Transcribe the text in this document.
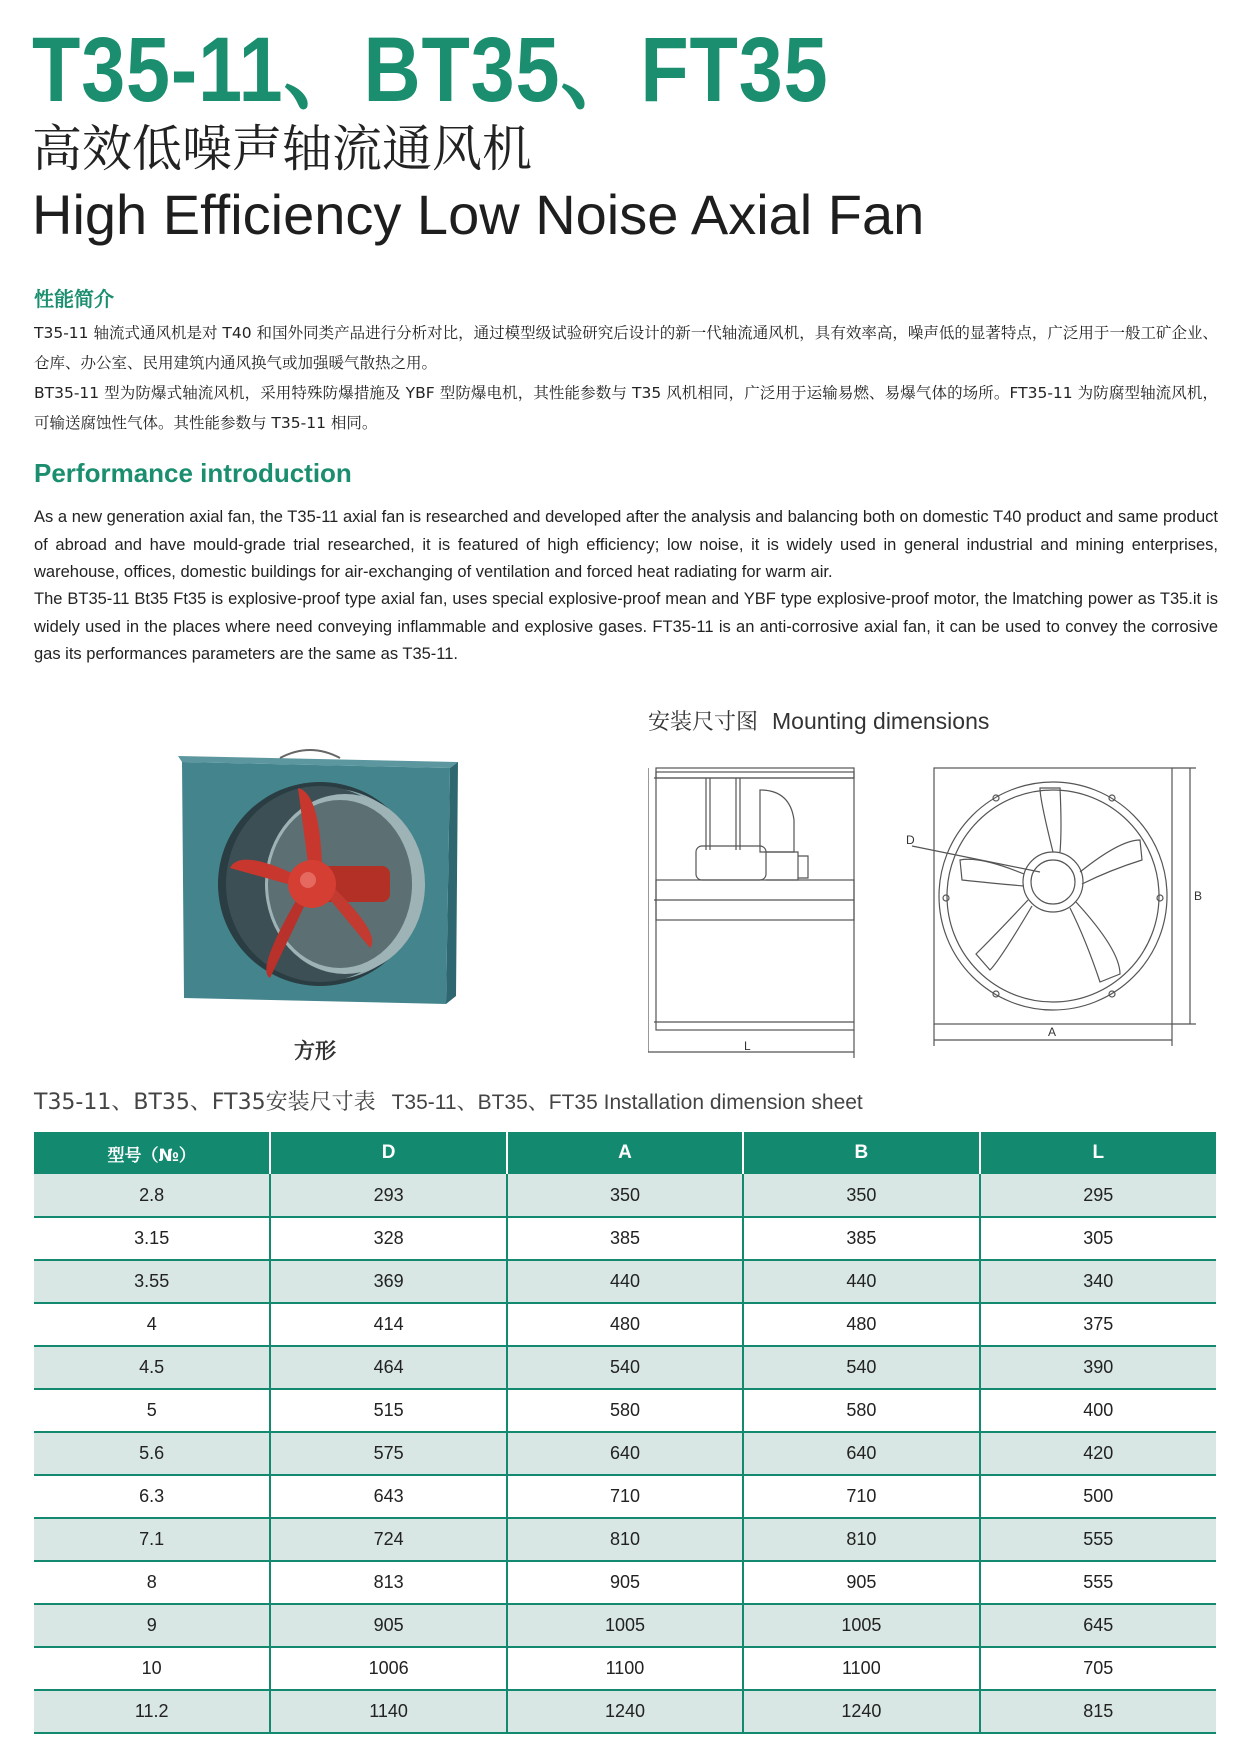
T35-11、BT35、FT35
高效低噪声轴流通风机
High Efficiency Low Noise Axial Fan
性能简介
T35-11 轴流式通风机是对 T40 和国外同类产品进行分析对比，通过模型级试验研究后设计的新一代轴流通风机，具有效率高，噪声低的显著特点，广泛用于一般工矿企业、仓库、办公室、民用建筑内通风换气或加强暖气散热之用。
BT35-11 型为防爆式轴流风机，采用特殊防爆措施及 YBF 型防爆电机，其性能参数与 T35 风机相同，广泛用于运输易燃、易爆气体的场所。FT35-11 为防腐型轴流风机，可输送腐蚀性气体。其性能参数与 T35-11 相同。
Performance introduction
As a new generation axial fan, the T35-11 axial fan is researched and developed after the analysis and balancing both on domestic T40 product and same product of abroad and have mould-grade trial researched, it is featured of high efficiency; low noise, it is widely used in general industrial and mining enterprises, warehouse, offices, domestic buildings for air-exchanging of ventilation and forced heat radiating for warm air.
The BT35-11 Bt35 Ft35 is explosive-proof type axial fan, uses special explosive-proof mean and YBF type explosive-proof motor, the lmatching power as T35.it is widely used in the places where need conveying inflammable and explosive gases. FT35-11 is an anti-corrosive axial fan, it can be used to convey the corrosive gas its performances parameters are the same as T35-11.
方形
安装尺寸图 Mounting dimensions
L
D
B
A
T35-11、BT35、FT35安装尺寸表 T35-11、BT35、FT35 Installation dimension sheet
型号（№）	D	A	B	L
2.8	293	350	350	295
3.15	328	385	385	305
3.55	369	440	440	340
4	414	480	480	375
4.5	464	540	540	390
5	515	580	580	400
5.6	575	640	640	420
6.3	643	710	710	500
7.1	724	810	810	555
8	813	905	905	555
9	905	1005	1005	645
10	1006	1100	1100	705
11.2	1140	1240	1240	815
